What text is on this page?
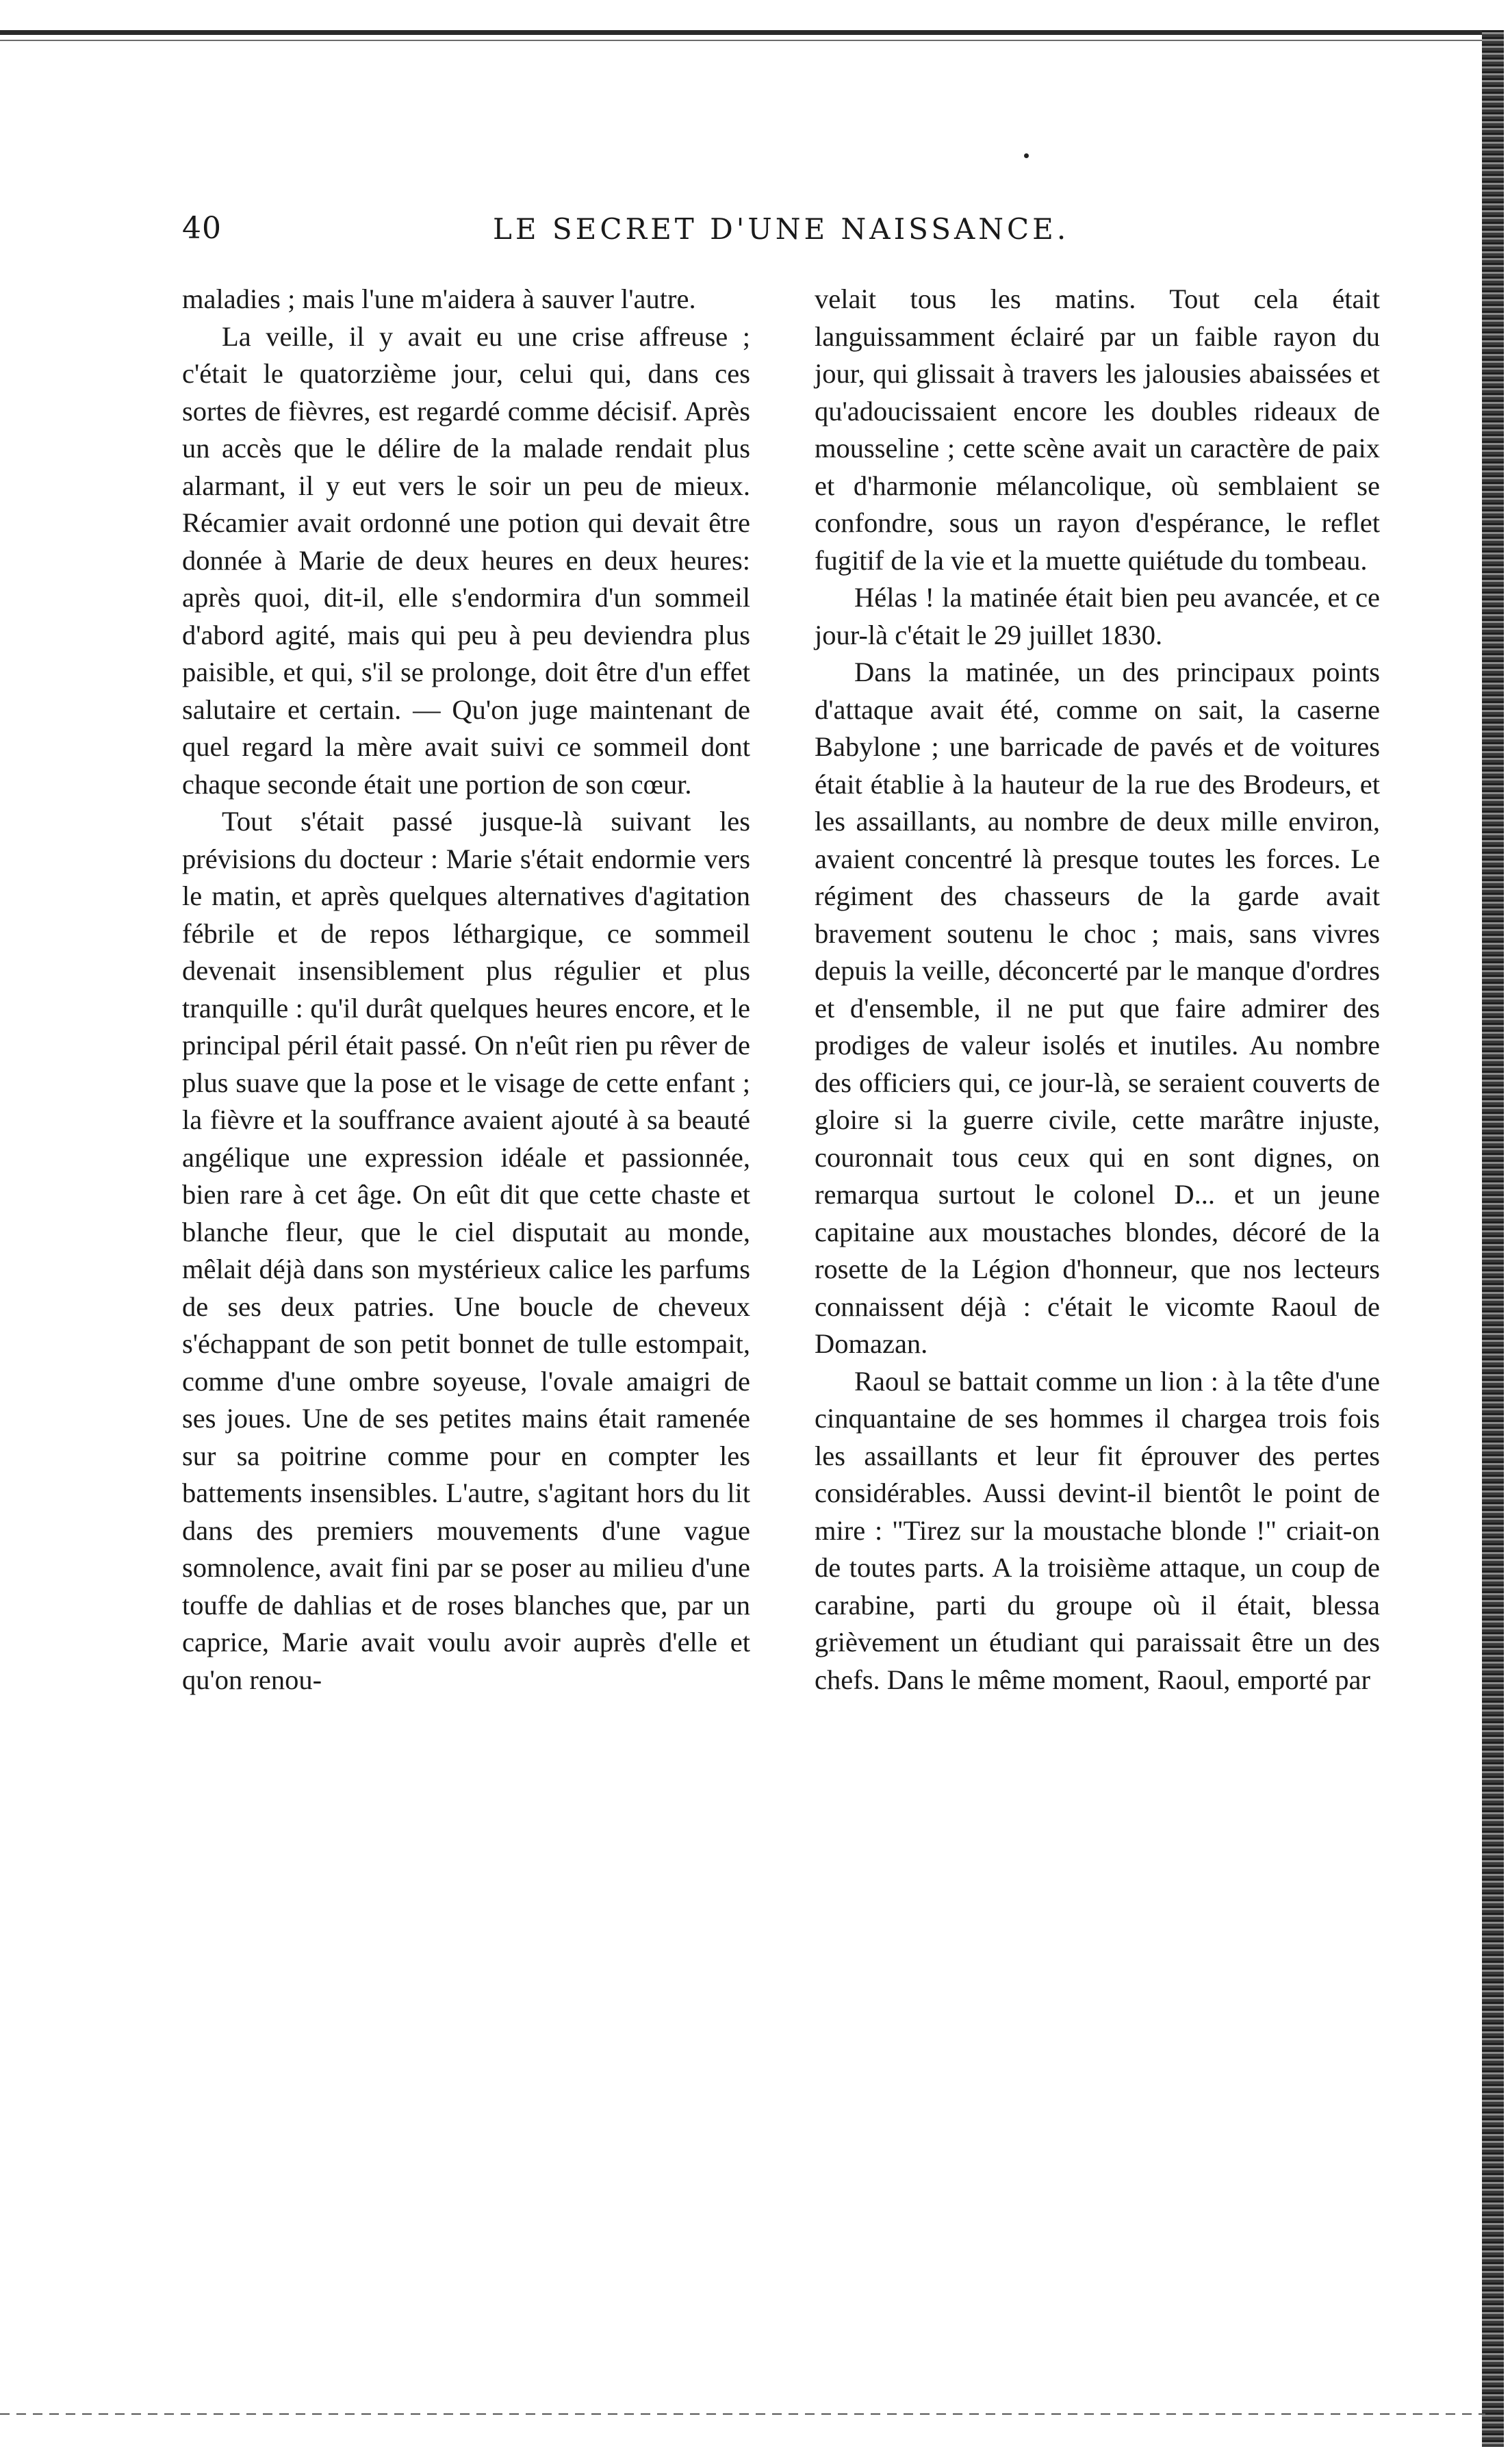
40	LE SECRET D'UNE NAISSANCE.

maladies ; mais l'une m'aidera à sauver l'autre.

La veille, il y avait eu une crise affreuse ; c'était le quatorzième jour, celui qui, dans ces sortes de fièvres, est regardé comme décisif. Après un accès que le délire de la malade rendait plus alarmant, il y eut vers le soir un peu de mieux. Récamier avait ordonné une potion qui devait être donnée à Marie de deux heures en deux heures: après quoi, dit-il, elle s'endormira d'un sommeil d'abord agité, mais qui peu à peu deviendra plus paisible, et qui, s'il se prolonge, doit être d'un effet salutaire et certain. — Qu'on juge maintenant de quel regard la mère avait suivi ce sommeil dont chaque seconde était une portion de son cœur.

Tout s'était passé jusque-là suivant les prévisions du docteur : Marie s'était endormie vers le matin, et après quelques alternatives d'agitation fébrile et de repos léthargique, ce sommeil devenait insensiblement plus régulier et plus tranquille : qu'il durât quelques heures encore, et le principal péril était passé. On n'eût rien pu rêver de plus suave que la pose et le visage de cette enfant ; la fièvre et la souffrance avaient ajouté à sa beauté angélique une expression idéale et passionnée, bien rare à cet âge. On eût dit que cette chaste et blanche fleur, que le ciel disputait au monde, mêlait déjà dans son mystérieux calice les parfums de ses deux patries. Une boucle de cheveux s'échappant de son petit bonnet de tulle estompait, comme d'une ombre soyeuse, l'ovale amaigri de ses joues. Une de ses petites mains était ramenée sur sa poitrine comme pour en compter les battements insensibles. L'autre, s'agitant hors du lit dans des premiers mouvements d'une vague somnolence, avait fini par se poser au milieu d'une touffe de dahlias et de roses blanches que, par un caprice, Marie avait voulu avoir auprès d'elle et qu'on renou-

velait tous les matins. Tout cela était languissamment éclairé par un faible rayon du jour, qui glissait à travers les jalousies abaissées et qu'adoucissaient encore les doubles rideaux de mousseline ; cette scène avait un caractère de paix et d'harmonie mélancolique, où semblaient se confondre, sous un rayon d'espérance, le reflet fugitif de la vie et la muette quiétude du tombeau.

Hélas ! la matinée était bien peu avancée, et ce jour-là c'était le 29 juillet 1830.

Dans la matinée, un des principaux points d'attaque avait été, comme on sait, la caserne Babylone ; une barricade de pavés et de voitures était établie à la hauteur de la rue des Brodeurs, et les assaillants, au nombre de deux mille environ, avaient concentré là presque toutes les forces. Le régiment des chasseurs de la garde avait bravement soutenu le choc ; mais, sans vivres depuis la veille, déconcerté par le manque d'ordres et d'ensemble, il ne put que faire admirer des prodiges de valeur isolés et inutiles. Au nombre des officiers qui, ce jour-là, se seraient couverts de gloire si la guerre civile, cette marâtre injuste, couronnait tous ceux qui en sont dignes, on remarqua surtout le colonel D... et un jeune capitaine aux moustaches blondes, décoré de la rosette de la Légion d'honneur, que nos lecteurs connaissent déjà : c'était le vicomte Raoul de Domazan.

Raoul se battait comme un lion : à la tête d'une cinquantaine de ses hommes il chargea trois fois les assaillants et leur fit éprouver des pertes considérables. Aussi devint-il bientôt le point de mire : "Tirez sur la moustache blonde !" criait-on de toutes parts. A la troisième attaque, un coup de carabine, parti du groupe où il était, blessa grièvement un étudiant qui paraissait être un des chefs. Dans le même moment, Raoul, emporté par
